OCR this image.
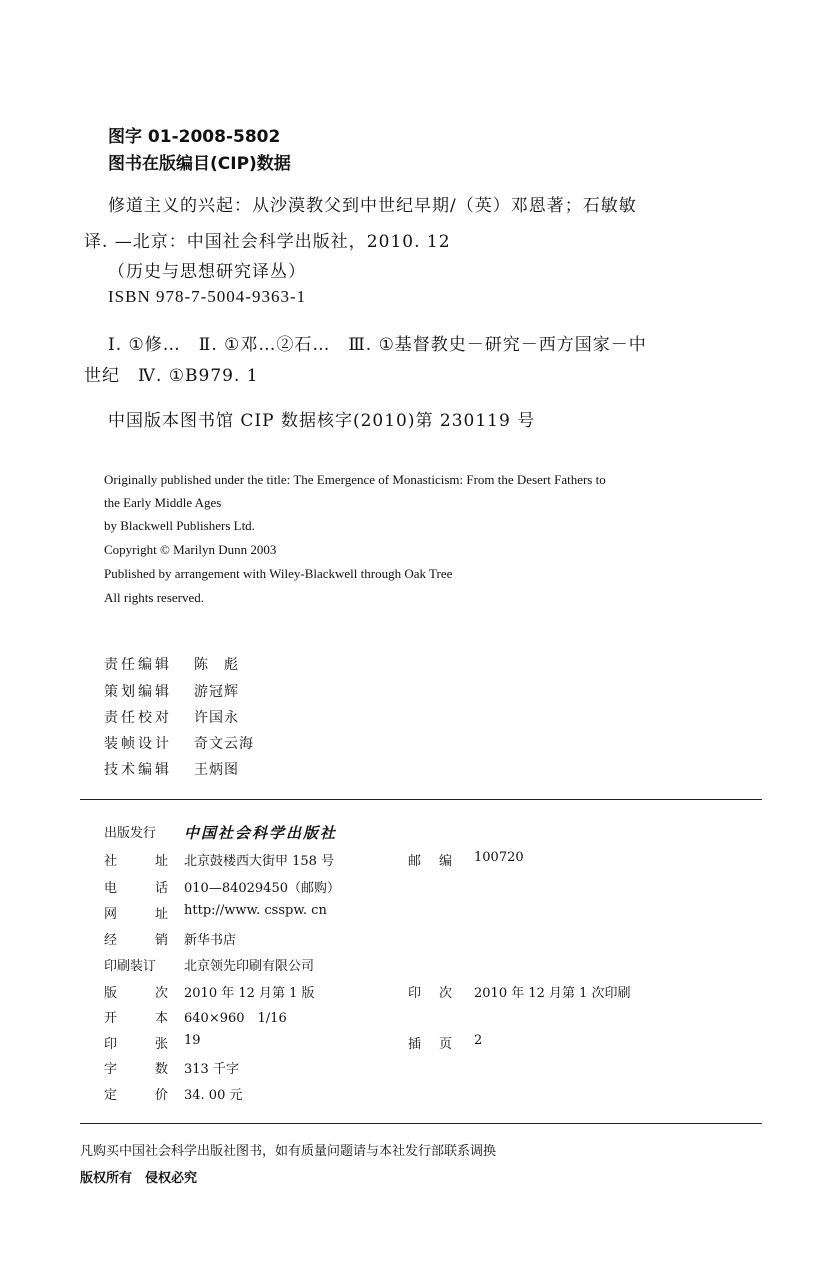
图字 01-2008-5802
图书在版编目(CIP)数据
修道主义的兴起：从沙漠教父到中世纪早期/（英）邓恩著；石敏敏
译. —北京：中国社会科学出版社，2010. 12
（历史与思想研究译丛）
ISBN 978-7-5004-9363-1
Ⅰ. ①修…　Ⅱ. ①邓…②石…　Ⅲ. ①基督教史－研究－西方国家－中
世纪　Ⅳ. ①B979. 1
中国版本图书馆 CIP 数据核字(2010)第 230119 号
Originally published under the title: The Emergence of Monasticism: From the Desert Fathers to
the Early Middle Ages
by Blackwell Publishers Ltd.
Copyright © Marilyn Dunn 2003
Published by arrangement with Wiley-Blackwell through Oak Tree
All rights reserved.
责任编辑 陈　彪
策划编辑 游冠辉
责任校对 许国永
装帧设计 奇文云海
技术编辑 王炳图
出版发行	中国社会科学出版社
社	址 北京鼓楼西大街甲 158 号	邮 编 100720
电	话 010—84029450（邮购）
网	址 http://www. csspw. cn
经	销 新华书店
印刷装订	北京领先印刷有限公司
版	次 2010 年 12 月第 1 版	印 次 2010 年 12 月第 1 次印刷
开	本 640×960　1/16
印	张 19	插 页 2
字	数 313 千字
定	价 34. 00 元
凡购买中国社会科学出版社图书，如有质量问题请与本社发行部联系调换
版权所有　侵权必究
